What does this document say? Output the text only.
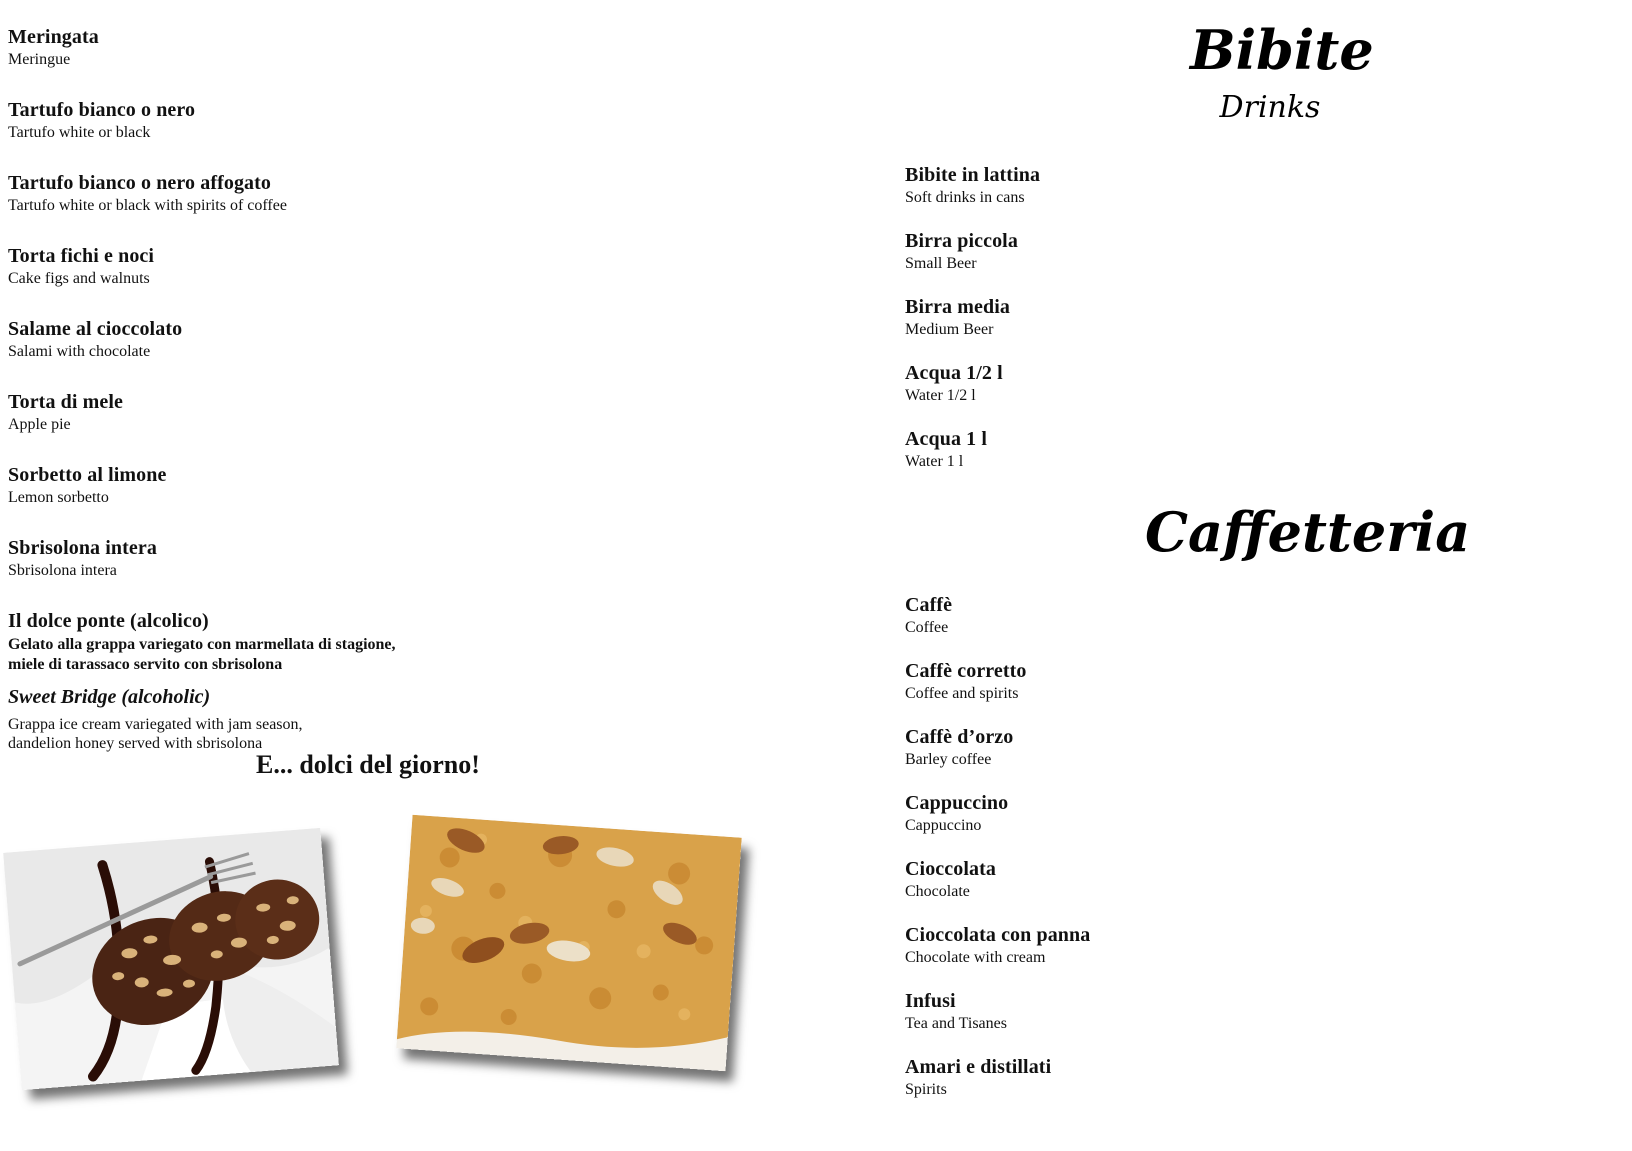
Meringata
Meringue
Tartufo bianco o nero
Tartufo white or black
Tartufo bianco o nero affogato
Tartufo white or black with spirits of coffee
Torta fichi e noci
Cake figs and walnuts
Salame al cioccolato
Salami with chocolate
Torta di mele
Apple pie
Sorbetto al limone
Lemon sorbetto
Sbrisolona intera
Sbrisolona intera
Il dolce ponte (alcolico)
Gelato alla grappa variegato con marmellata di stagione, miele di tarassaco servito con sbrisolona
Sweet Bridge (alcoholic)
Grappa ice cream variegated with jam season, dandelion honey served with sbrisolona
E... dolci del giorno!
Bibite
Drinks
Bibite in lattina
Soft drinks in cans
Birra piccola
Small Beer
Birra media
Medium Beer
Acqua 1/2 l
Water 1/2 l
Acqua 1 l
Water 1 l
Caffetteria
Caffè
Coffee
Caffè corretto
Coffee and spirits
Caffè d’orzo
Barley coffee
Cappuccino
Cappuccino
Cioccolata
Chocolate
Cioccolata con panna
Chocolate with cream
Infusi
Tea and Tisanes
Amari e distillati
Spirits
